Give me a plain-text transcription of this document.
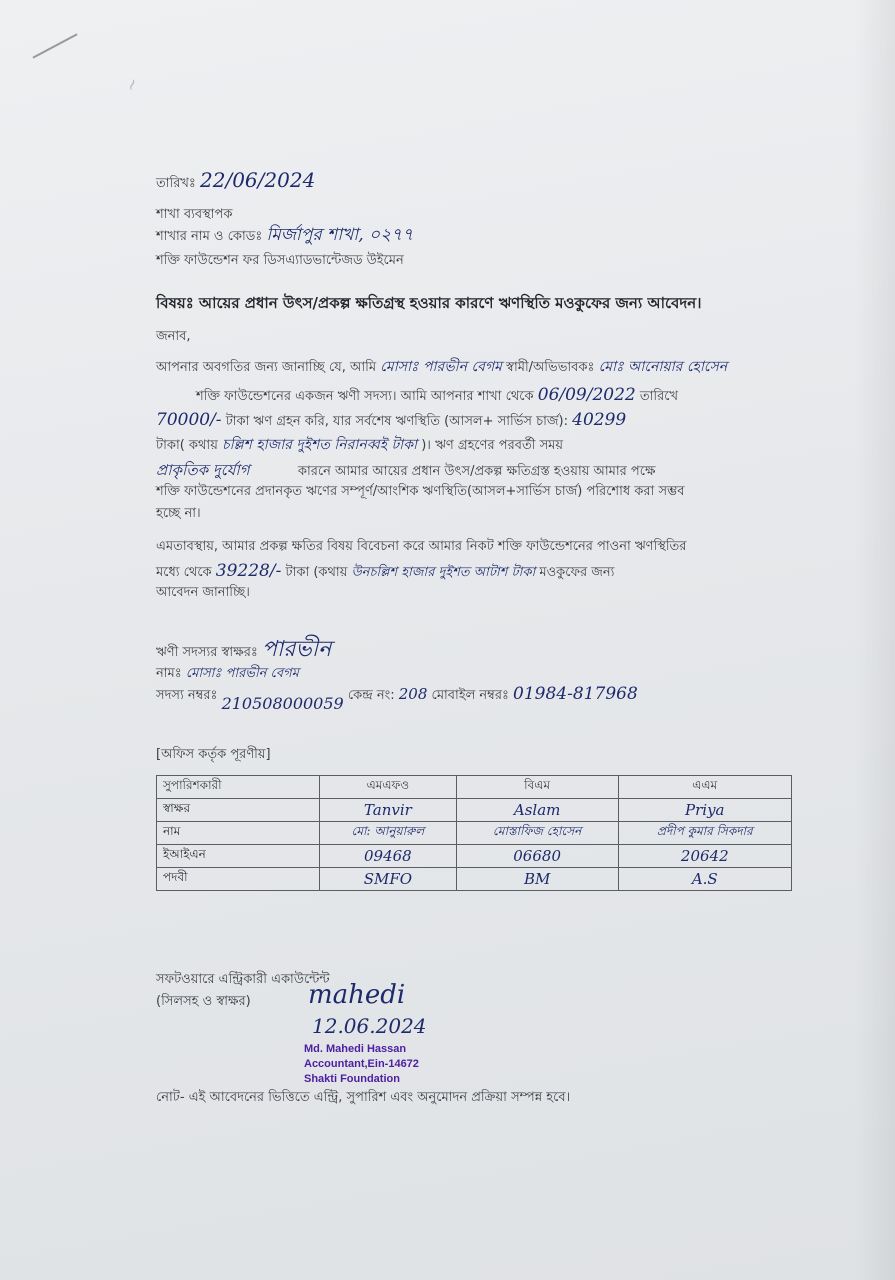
~
তারিখঃ 22/06/2024
শাখা ব্যবস্থাপক
শাখার নাম ও কোডঃ মির্জাপুর শাখা, ০২৭৭
শক্তি ফাউন্ডেশন ফর ডিসএ্যাডভান্টেজড উইমেন
বিষয়ঃ আয়ের প্রধান উৎস/প্রকল্প ক্ষতিগ্রস্থ হওয়ার কারণে ঋণস্থিতি মওকুফের জন্য আবেদন।
জনাব,
আপনার অবগতির জন্য জানাচ্ছি যে, আমি মোসাঃ পারভীন বেগম স্বামী/অভিভাবকঃ মোঃ আনোয়ার হোসেন
শক্তি ফাউন্ডেশনের একজন ঋণী সদস্য। আমি আপনার শাখা থেকে 06/09/2022 তারিখে
70000/- টাকা ঋণ গ্রহন করি, যার সর্বশেষ ঋণস্থিতি (আসল+ সার্ভিস চার্জ): 40299
টাকা( কথায় চল্লিশ হাজার দুইশত নিরানব্বই টাকা )। ঋণ গ্রহণের পরবর্তী সময়
প্রাকৃতিক দুর্যোগ	কারনে আমার আয়ের প্রধান উৎস/প্রকল্প ক্ষতিগ্রস্ত হওয়ায় আমার পক্ষে
শক্তি ফাউন্ডেশনের প্রদানকৃত ঋণের সম্পূর্ণ/আংশিক ঋণস্থিতি(আসল+সার্ভিস চার্জ) পরিশোধ করা সম্ভব
হচ্ছে না।
এমতাবস্থায়, আমার প্রকল্প ক্ষতির বিষয় বিবেচনা করে আমার নিকট শক্তি ফাউন্ডেশনের পাওনা ঋণস্থিতির
মধ্যে থেকে 39228/- টাকা (কথায় উনচল্লিশ হাজার দুইশত আটাশ টাকা মওকুফের জন্য
আবেদন জানাচ্ছি।
ঋণী সদস্যর স্বাক্ষরঃ পারভীন
নামঃ মোসাঃ পারভীন বেগম
সদস্য নম্বরঃ 210508000059 কেন্দ্র নং: 208 মোবাইল নম্বরঃ 01984-817968
[অফিস কর্তৃক পূরণীয়]
সুপারিশকারী	এমএফও	বিএম	এএম
স্বাক্ষর	Tanvir	Aslam	Priya
নাম	মো: আনুয়ারুল	মোস্তাফিজ হোসেন	প্রদীপ কুমার সিকদার
ইআইএন	09468	06680	20642
পদবী	SMFO	BM	A.S
সফটওয়ারে এন্ট্রিকারী একাউন্টেন্ট
(সিলসহ ও স্বাক্ষর) mahedi
12.06.2024
Md. Mahedi Hassan
Accountant,Ein-14672
Shakti Foundation
নোট- এই আবেদনের ভিত্তিতে এন্ট্রি, সুপারিশ এবং অনুমোদন প্রক্রিয়া সম্পন্ন হবে।
